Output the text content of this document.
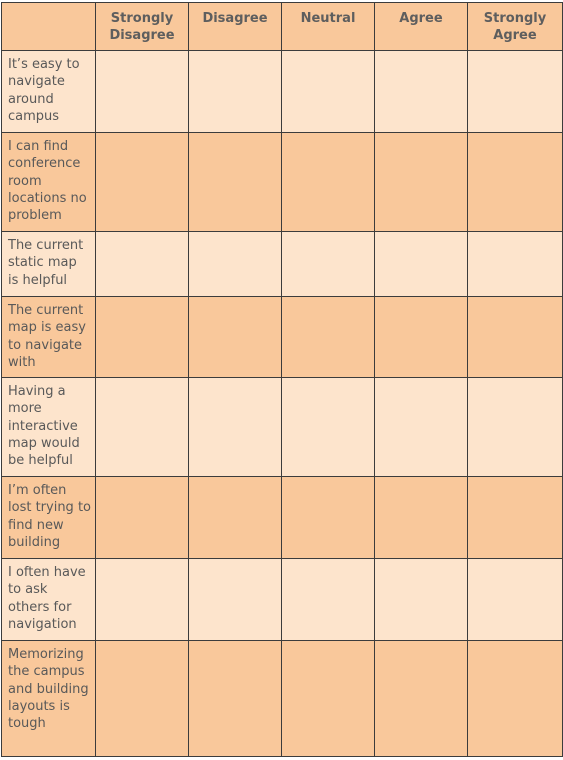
	Strongly Disagree	Disagree	Neutral	Agree	Strongly Agree
It’s easy to navigate around campus					
I can find conference room locations no problem					
The current static map is helpful					
The current map is easy to navigate with					
Having a more interactive map would be helpful					
I’m often lost trying to find new building					
I often have to ask others for navigation					
Memorizing the campus and building layouts is tough					
